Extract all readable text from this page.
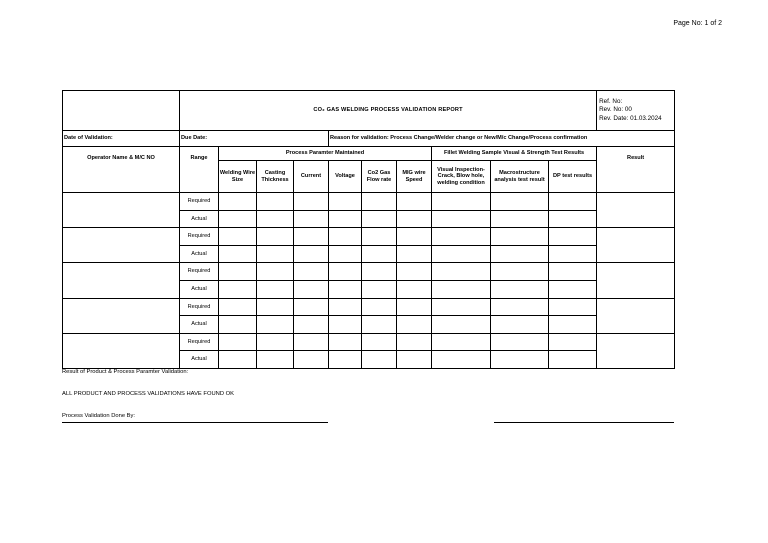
Page No: 1 of 2
	CO₂ GAS WELDING PROCESS VALIDATION REPORT										Ref. No:
Rev. No: 00
Rev. Date: 01.03.2024

Date of Validation:	Due Date:				Reason for validation: Process Change/Welder change or New/M/c Change/Process confirmation						
Operator Name & M/C NO	Range	Process Paramter Maintained						Fillet Welding Sample Visual & Strength Test Results			Result
		Welding Wire Size	Casting Thickness	Current	Voltage	Co2 Gas Flow rate	MIG wire Speed	Visual Inspection-Crack, Blow hole, welding condition	Macrostructure analysis test result	DP test results	
	Required										
	Actual										
	Required										
	Actual										
	Required										
	Actual										
	Required										
	Actual										
	Required										
	Actual										
Result of Product & Process Paramter Validation:
ALL PRODUCT AND PROCESS VALIDATIONS HAVE FOUND OK
Process Validation Done By:
